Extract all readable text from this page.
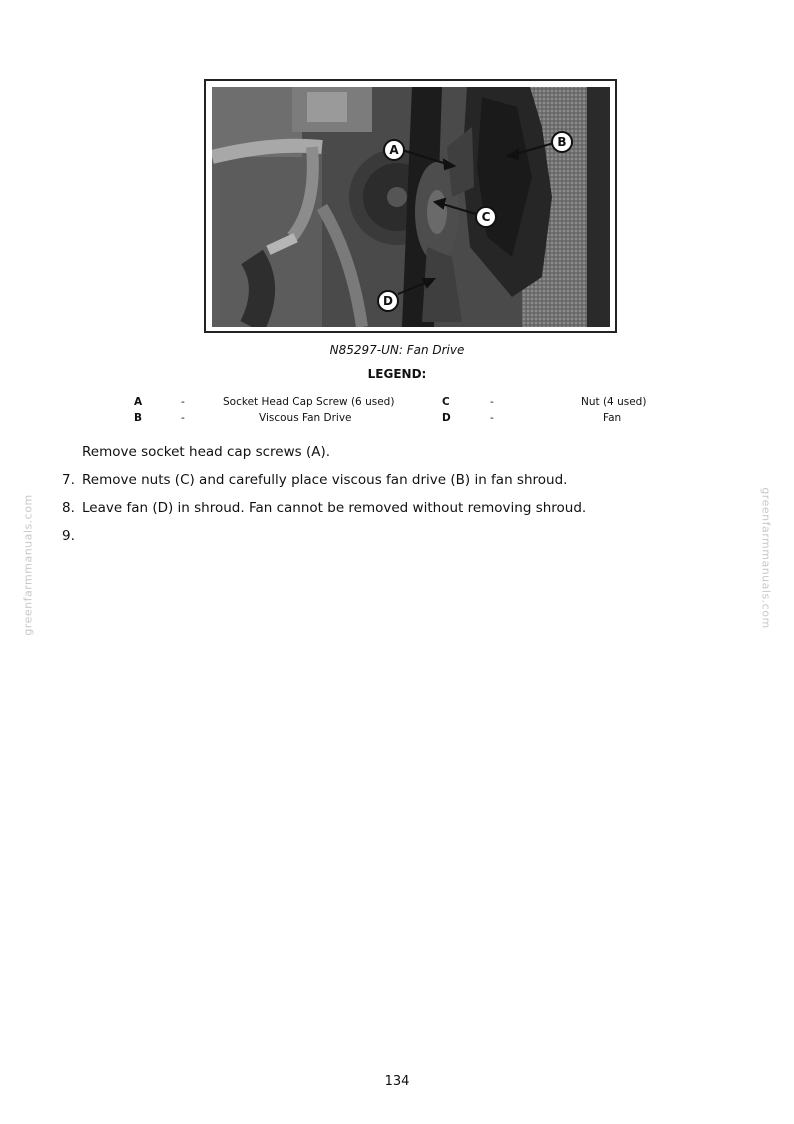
A
B
C
D
N85297-UN: Fan Drive
LEGEND:
A	-	Socket Head Cap Screw (6 used)	C	-	Nut (4 used)
B	-	Viscous Fan Drive	D	-	Fan
Remove socket head cap screws (A).
7. Remove nuts (C) and carefully place viscous fan drive (B) in fan shroud.
8. Leave fan (D) in shroud. Fan cannot be removed without removing shroud.
9.
greenfarmmanuals.com	greenfarmmanuals.com
134
